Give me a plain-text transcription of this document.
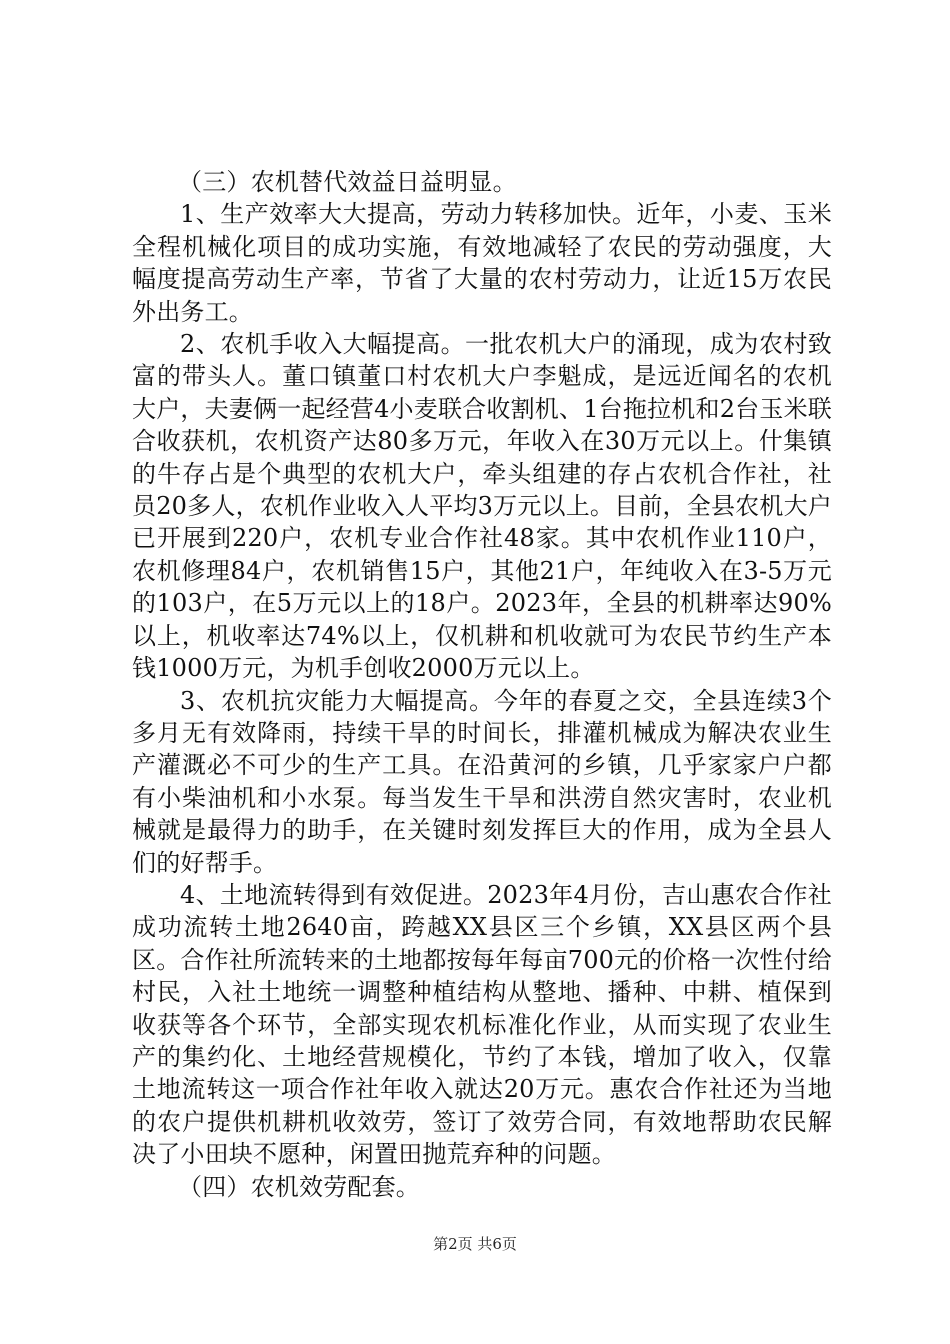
（三）农机替代效益日益明显。

1、生产效率大大提高，劳动力转移加快。近年，小麦、玉米全程机械化项目的成功实施，有效地减轻了农民的劳动强度，大幅度提高劳动生产率，节省了大量的农村劳动力，让近15万农民外出务工。

2、农机手收入大幅提高。一批农机大户的涌现，成为农村致富的带头人。董口镇董口村农机大户李魁成，是远近闻名的农机大户，夫妻俩一起经营4小麦联合收割机、1台拖拉机和2台玉米联合收获机，农机资产达80多万元，年收入在30万元以上。什集镇的牛存占是个典型的农机大户，牵头组建的存占农机合作社，社员20多人，农机作业收入人平均3万元以上。目前，全县农机大户已开展到220户，农机专业合作社48家。其中农机作业110户，农机修理84户，农机销售15户，其他21户，年纯收入在3-5万元的103户，在5万元以上的18户。2023年，全县的机耕率达90%以上，机收率达74%以上，仅机耕和机收就可为农民节约生产本钱1000万元，为机手创收2000万元以上。

3、农机抗灾能力大幅提高。今年的春夏之交，全县连续3个多月无有效降雨，持续干旱的时间长，排灌机械成为解决农业生产灌溉必不可少的生产工具。在沿黄河的乡镇，几乎家家户户都有小柴油机和小水泵。每当发生干旱和洪涝自然灾害时，农业机械就是最得力的助手，在关键时刻发挥巨大的作用，成为全县人们的好帮手。

4、土地流转得到有效促进。2023年4月份，吉山惠农合作社成功流转土地2640亩，跨越XX县区三个乡镇，XX县区两个县区。合作社所流转来的土地都按每年每亩700元的价格一次性付给村民，入社土地统一调整种植结构从整地、播种、中耕、植保到收获等各个环节，全部实现农机标准化作业，从而实现了农业生产的集约化、土地经营规模化，节约了本钱，增加了收入，仅靠土地流转这一项合作社年收入就达20万元。惠农合作社还为当地的农户提供机耕机收效劳，签订了效劳合同，有效地帮助农民解决了小田块不愿种，闲置田抛荒弃种的问题。

（四）农机效劳配套。

第2页 共6页
